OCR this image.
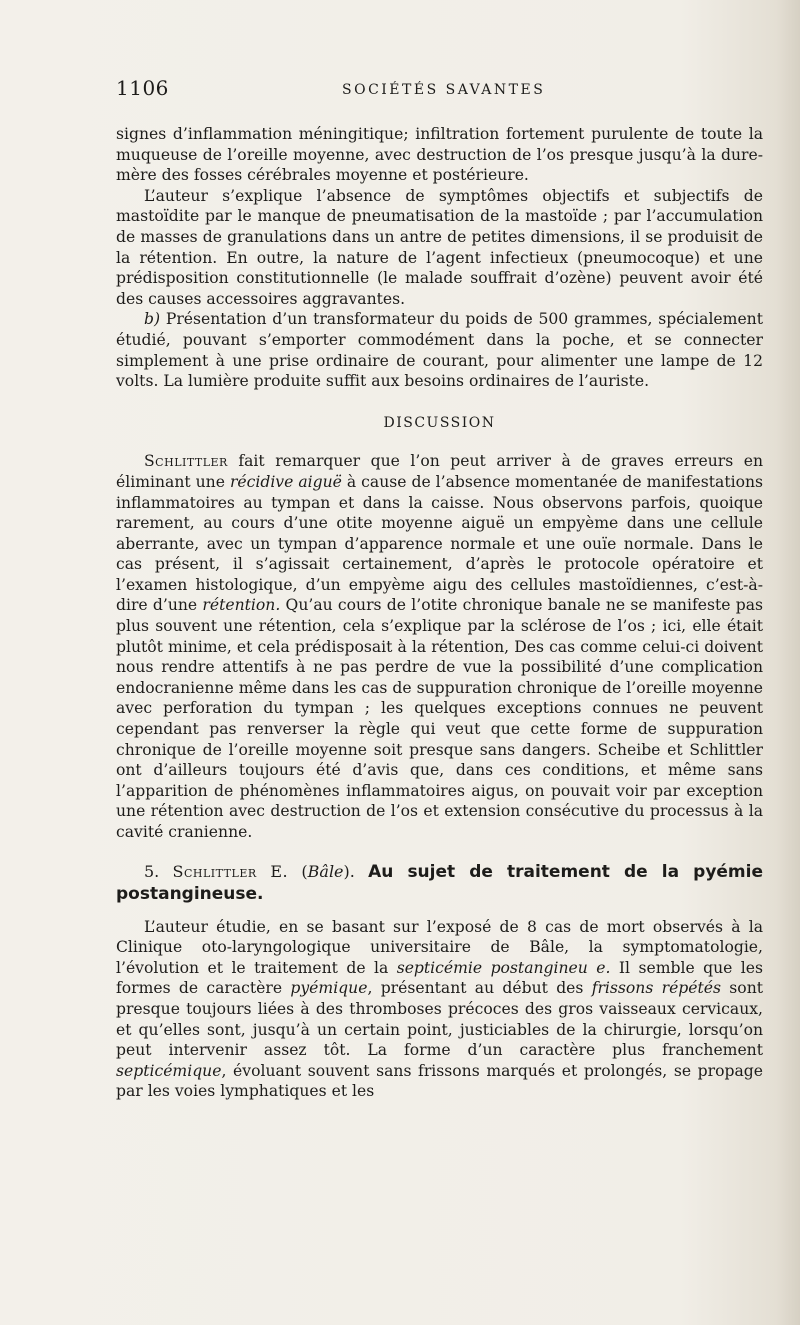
1106	SOCIÉTÉS SAVANTES

signes d’inflammation méningitique; infiltration fortement purulente de toute la muqueuse de l’oreille moyenne, avec destruction de l’os presque jusqu’à la dure-mère des fosses cérébrales moyenne et postérieure.

L’auteur s’explique l’absence de symptômes objectifs et subjectifs de mastoïdite par le manque de pneumatisation de la mastoïde ; par l’accumulation de masses de granulations dans un antre de petites dimensions, il se produisit de la rétention. En outre, la nature de l’agent infectieux (pneumocoque) et une prédisposition constitutionnelle (le malade souffrait d’ozène) peuvent avoir été des causes accessoires aggravantes.

b) Présentation d’un transformateur du poids de 500 grammes, spécialement étudié, pouvant s’emporter commodément dans la poche, et se connecter simplement à une prise ordinaire de courant, pour alimenter une lampe de 12 volts. La lumière produite suffit aux besoins ordinaires de l’auriste.

DISCUSSION

Schlittler fait remarquer que l’on peut arriver à de graves erreurs en éliminant une récidive aiguë à cause de l’absence momentanée de manifestations inflammatoires au tympan et dans la caisse. Nous observons parfois, quoique rarement, au cours d’une otite moyenne aiguë un empyème dans une cellule aberrante, avec un tympan d’apparence normale et une ouïe normale. Dans le cas présent, il s’agissait certainement, d’après le protocole opératoire et l’examen histologique, d’un empyème aigu des cellules mastoïdiennes, c’est-à-dire d’une rétention. Qu’au cours de l’otite chronique banale ne se manifeste pas plus souvent une rétention, cela s’explique par la sclérose de l’os ; ici, elle était plutôt minime, et cela prédisposait à la rétention, Des cas comme celui-ci doivent nous rendre attentifs à ne pas perdre de vue la possibilité d’une complication endocranienne même dans les cas de suppuration chronique de l’oreille moyenne avec perforation du tympan ; les quelques exceptions connues ne peuvent cependant pas renverser la règle qui veut que cette forme de suppuration chronique de l’oreille moyenne soit presque sans dangers. Scheibe et Schlittler ont d’ailleurs toujours été d’avis que, dans ces conditions, et même sans l’apparition de phénomènes inflammatoires aigus, on pouvait voir par exception une rétention avec destruction de l’os et extension consécutive du processus à la cavité cranienne.

5. Schlittler E. (Bâle). Au sujet de traitement de la pyémie postangineuse.

L’auteur étudie, en se basant sur l’exposé de 8 cas de mort observés à la Clinique oto-laryngologique universitaire de Bâle, la symptomatologie, l’évolution et le traitement de la septicémie postangineu e. Il semble que les formes de caractère pyémique, présentant au début des frissons répétés sont presque toujours liées à des thromboses précoces des gros vaisseaux cervicaux, et qu’elles sont, jusqu’à un certain point, justiciables de la chirurgie, lorsqu’on peut intervenir assez tôt. La forme d’un caractère plus franchement septicémique, évoluant souvent sans frissons marqués et prolongés, se propage par les voies lymphatiques et les
